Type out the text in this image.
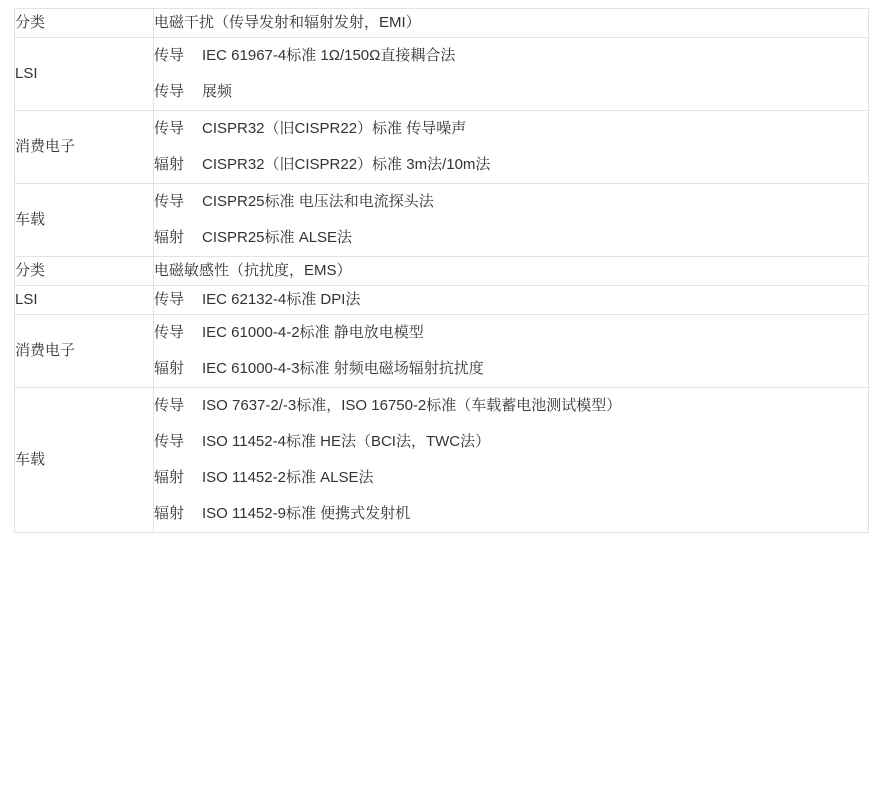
分类	电磁干扰（传导发射和辐射发射，EMI）

LSI	传导 IEC 61967-4标准 1Ω/150Ω直接耦合法
传导 展频

消费电子	传导 CISPR32（旧CISPR22）标准 传导噪声
辐射 CISPR32（旧CISPR22）标准 3m法/10m法

车载	传导 CISPR25标准 电压法和电流探头法
辐射 CISPR25标准 ALSE法

分类	电磁敏感性（抗扰度，EMS）

LSI	传导 IEC 62132-4标准 DPI法

消费电子	传导 IEC 61000-4-2标准 静电放电模型
辐射 IEC 61000-4-3标准 射频电磁场辐射抗扰度

车载	传导 ISO 7637-2/-3标准，ISO 16750-2标准（车载蓄电池测试模型）
传导 ISO 11452-4标准 HE法（BCI法，TWC法）
辐射 ISO 11452-2标准 ALSE法
辐射 ISO 11452-9标准 便携式发射机
